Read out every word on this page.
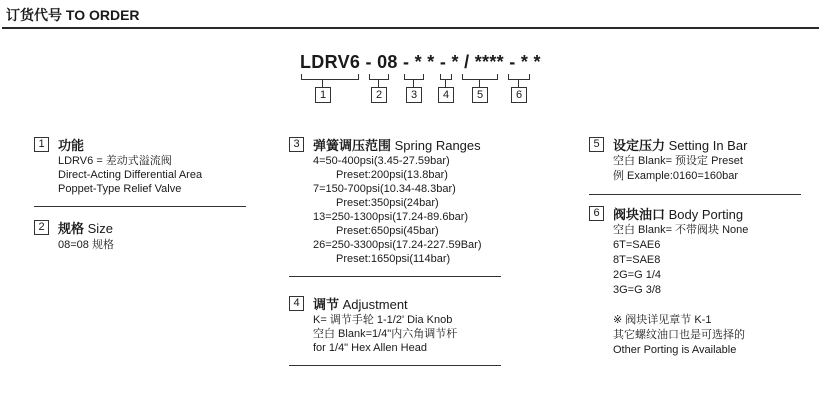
订货代号 TO ORDER
LDRV6 - 08 - * * - * / **** - * *
1	2	3	4	5	6
1	功能
LDRV6 = 差动式溢流阀
Direct-Acting Differential Area
Poppet-Type Relief Valve
2	规格 Size
08=08 规格
3	弹簧调压范围 Spring Ranges
4=50-400psi(3.45-27.59bar)
Preset:200psi(13.8bar)
7=150-700psi(10.34-48.3bar)
Preset:350psi(24bar)
13=250-1300psi(17.24-89.6bar)
Preset:650psi(45bar)
26=250-3300psi(17.24-227.59Bar)
Preset:1650psi(114bar)
4	调节 Adjustment
K= 调节手轮 1-1/2' Dia Knob
空白 Blank=1/4"内六角调节杆
for 1/4" Hex Allen Head
5	设定压力 Setting In Bar
空白 Blank= 预设定 Preset
例 Example:0160=160bar
6	阀块油口 Body Porting
空白 Blank= 不带阀块 None
6T=SAE6
8T=SAE8
2G=G 1/4
3G=G 3/8
※ 阀块详见章节 K-1
其它螺纹油口也是可选择的
Other Porting is Available
